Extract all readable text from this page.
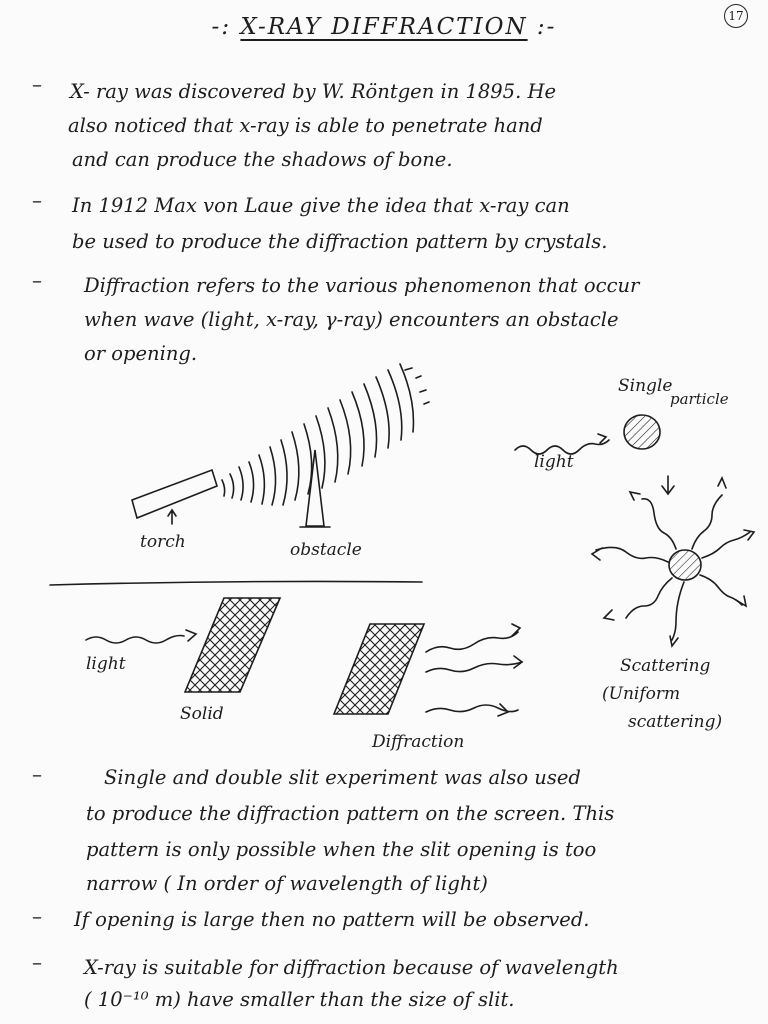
17
-: X-RAY DIFFRACTION :-
– X- ray was discovered by W. Röntgen in 1895. He
also noticed that x-ray is able to penetrate hand
and can produce the shadows of bone.
– In 1912 Max von Laue give the idea that x-ray can
be used to produce the diffraction pattern by crystals.
– Diffraction refers to the various phenomenon that occur
when wave (light, x-ray, γ-ray) encounters an obstacle
or opening.
torch	obstacle
Single
particle
light
Scattering
(Uniform
scattering)
light
Solid
Diffraction
–	Single and double slit experiment was also used
to produce the diffraction pattern on the screen. This
pattern is only possible when the slit opening is too
narrow ( In order of wavelength of light)
– If opening is large then no pattern will be observed.
– X-ray is suitable for diffraction because of wavelength
( 10⁻¹⁰ m) have smaller than the size of slit.
